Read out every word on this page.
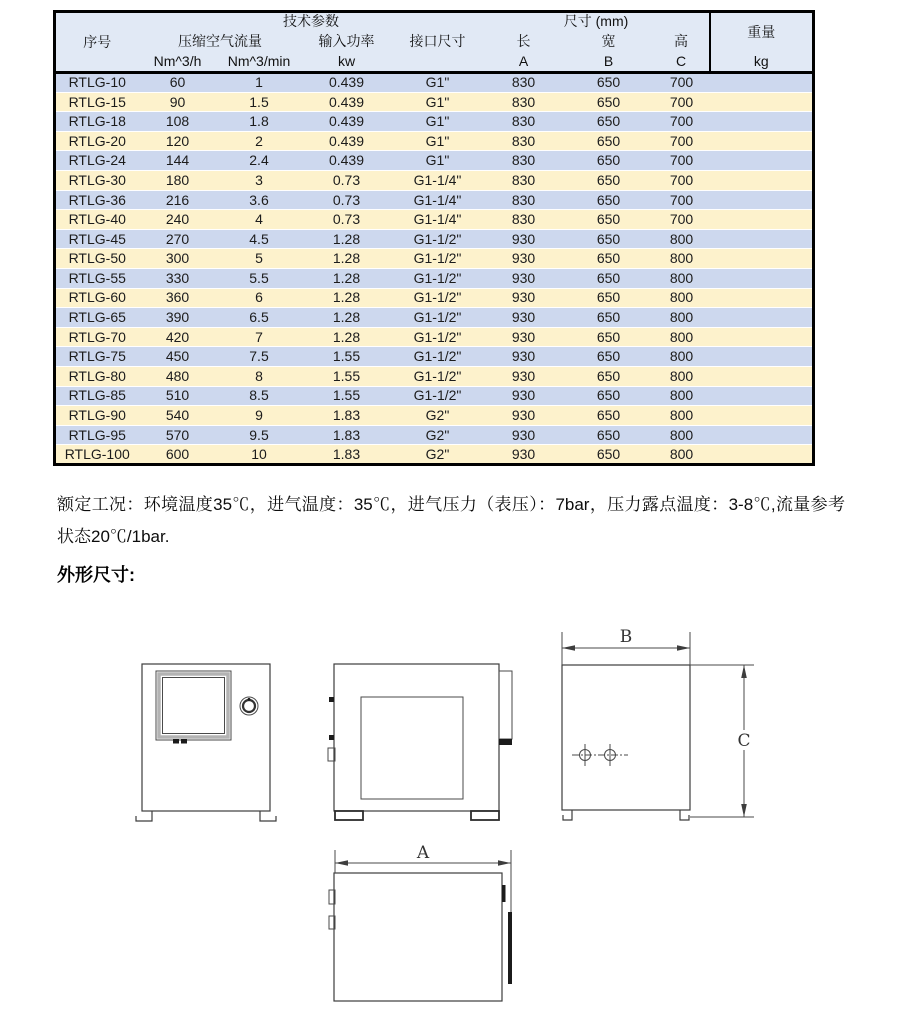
序号	技术参数				尺寸 (mm)			重量
	压缩空气流量		输入功率	接口尺寸	长	宽	高	
	Nm^3/h	Nm^3/min	kw		A	B	C	kg
RTLG-10	60	1	0.439	G1"	830	650	700	
RTLG-15	90	1.5	0.439	G1"	830	650	700	
RTLG-18	108	1.8	0.439	G1"	830	650	700	
RTLG-20	120	2	0.439	G1"	830	650	700	
RTLG-24	144	2.4	0.439	G1"	830	650	700	
RTLG-30	180	3	0.73	G1-1/4"	830	650	700	
RTLG-36	216	3.6	0.73	G1-1/4"	830	650	700	
RTLG-40	240	4	0.73	G1-1/4"	830	650	700	
RTLG-45	270	4.5	1.28	G1-1/2"	930	650	800	
RTLG-50	300	5	1.28	G1-1/2"	930	650	800	
RTLG-55	330	5.5	1.28	G1-1/2"	930	650	800	
RTLG-60	360	6	1.28	G1-1/2"	930	650	800	
RTLG-65	390	6.5	1.28	G1-1/2"	930	650	800	
RTLG-70	420	7	1.28	G1-1/2"	930	650	800	
RTLG-75	450	7.5	1.55	G1-1/2"	930	650	800	
RTLG-80	480	8	1.55	G1-1/2"	930	650	800	
RTLG-85	510	8.5	1.55	G1-1/2"	930	650	800	
RTLG-90	540	9	1.83	G2"	930	650	800	
RTLG-95	570	9.5	1.83	G2"	930	650	800	
RTLG-100	600	10	1.83	G2"	930	650	800	

额定工况：环境温度35℃，进气温度：35℃，进气压力（表压）：7bar，压力露点温度：3-8℃,流量参考状态20℃/1bar.

外形尺寸:
B
C
A
